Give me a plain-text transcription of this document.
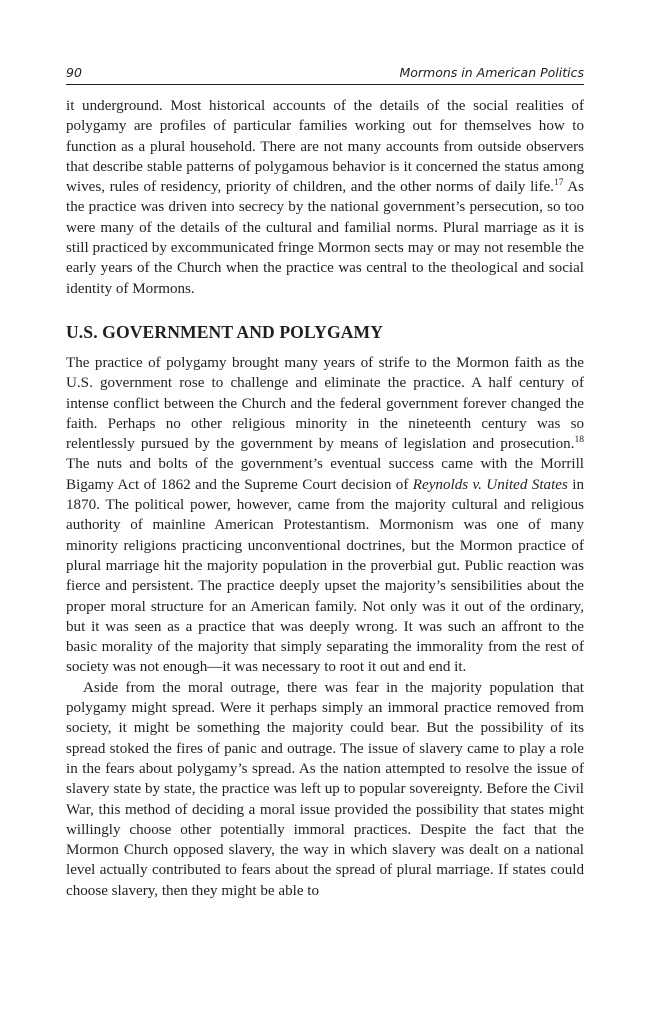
90	Mormons in American Politics

it underground. Most historical accounts of the details of the social realities of polygamy are profiles of particular families working out for themselves how to function as a plural household. There are not many accounts from outside observers that describe stable patterns of polygamous behavior is it concerned the status among wives, rules of residency, priority of children, and the other norms of daily life.$^{17}$ As the practice was driven into secrecy by the national government’s persecution, so too were many of the details of the cultural and familial norms. Plural marriage as it is still practiced by excommunicated fringe Mormon sects may or may not resemble the early years of the Church when the practice was central to the theological and social identity of Mormons.

U.S. GOVERNMENT AND POLYGAMY

The practice of polygamy brought many years of strife to the Mormon faith as the U.S. government rose to challenge and eliminate the practice. A half century of intense conflict between the Church and the federal government forever changed the faith. Perhaps no other religious minority in the nineteenth century was so relentlessly pursued by the government by means of legislation and prosecution.$^{18}$ The nuts and bolts of the government’s eventual success came with the Morrill Bigamy Act of 1862 and the Supreme Court decision of Reynolds v. United States in 1870. The political power, however, came from the majority cultural and religious authority of mainline American Protestantism. Mormonism was one of many minority religions practicing unconventional doctrines, but the Mormon practice of plural marriage hit the majority population in the proverbial gut. Public reaction was fierce and persistent. The practice deeply upset the majority’s sensibilities about the proper moral structure for an American family. Not only was it out of the ordinary, but it was seen as a practice that was deeply wrong. It was such an affront to the basic morality of the majority that simply separating the immorality from the rest of society was not enough—it was necessary to root it out and end it.

Aside from the moral outrage, there was fear in the majority population that polygamy might spread. Were it perhaps simply an immoral practice removed from society, it might be something the majority could bear. But the possibility of its spread stoked the fires of panic and outrage. The issue of slavery came to play a role in the fears about polygamy’s spread. As the nation attempted to resolve the issue of slavery state by state, the practice was left up to popular sovereignty. Before the Civil War, this method of deciding a moral issue provided the possibility that states might willingly choose other potentially immoral practices. Despite the fact that the Mormon Church opposed slavery, the way in which slavery was dealt on a national level actually contributed to fears about the spread of plural marriage. If states could choose slavery, then they might be able to
